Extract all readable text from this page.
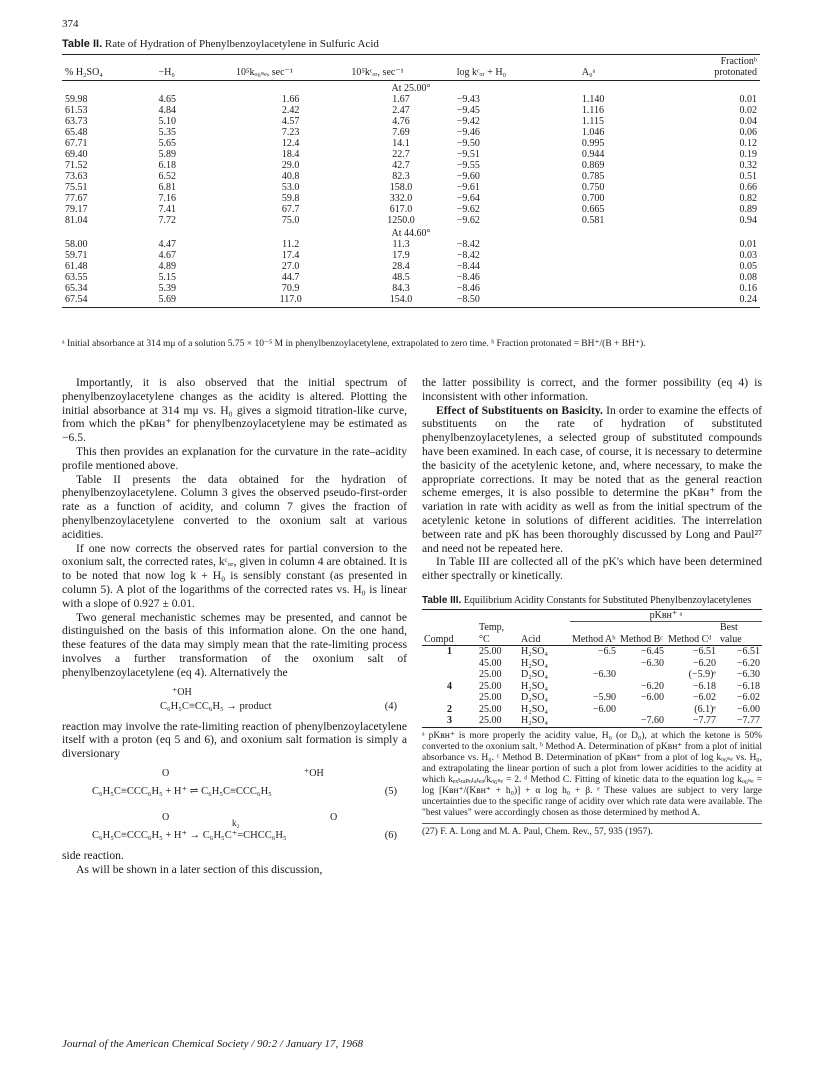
374
Table II. Rate of Hydration of Phenylbenzoylacetylene in Sulfuric Acid
% H₂SO₄	−H₀	10⁵kₒ₆ₛₑ, sec⁻¹	10⁵kᶜₒᵣ, sec⁻¹	log kᶜₒᵣ + H₀	A₀ᵃ	Fractionᵇ protonated
At 25.00°						
59.98	4.65	1.66	1.67	−9.43	1.140	0.01
61.53	4.84	2.42	2.47	−9.45	1.116	0.02
63.73	5.10	4.57	4.76	−9.42	1.115	0.04
65.48	5.35	7.23	7.69	−9.46	1.046	0.06
67.71	5.65	12.4	14.1	−9.50	0.995	0.12
69.40	5.89	18.4	22.7	−9.51	0.944	0.19
71.52	6.18	29.0	42.7	−9.55	0.869	0.32
73.63	6.52	40.8	82.3	−9.60	0.785	0.51
75.51	6.81	53.0	158.0	−9.61	0.750	0.66
77.67	7.16	59.8	332.0	−9.64	0.700	0.82
79.17	7.41	67.7	617.0	−9.62	0.665	0.89
81.04	7.72	75.0	1250.0	−9.62	0.581	0.94
At 44.60°						
58.00	4.47	11.2	11.3	−8.42		0.01
59.71	4.67	17.4	17.9	−8.42		0.03
61.48	4.89	27.0	28.4	−8.44		0.05
63.55	5.15	44.7	48.5	−8.46		0.08
65.34	5.39	70.9	84.3	−8.46		0.16
67.54	5.69	117.0	154.0	−8.50		0.24
ᵃ Initial absorbance at 314 mμ of a solution 5.75 × 10⁻⁵ M in phenylbenzoylacetylene, extrapolated to zero time. ᵇ Fraction protonated = BH⁺/(B + BH⁺).

Importantly, it is also observed that the initial spectrum of phenylbenzoylacetylene changes as the acidity is altered. Plotting the initial absorbance at 314 mμ vs. H₀ gives a sigmoid titration-like curve, from which the pKʙʜ⁺ for phenylbenzoylacetylene may be estimated as −6.5.

This then provides an explanation for the curvature in the rate–acidity profile mentioned above.

Table II presents the data obtained for the hydration of phenylbenzoylacetylene. Column 3 gives the observed pseudo-first-order rate as a function of acidity, and column 7 gives the fraction of phenylbenzoylacetylene converted to the oxonium salt at various acidities.

If one now corrects the observed rates for partial conversion to the oxonium salt, the corrected rates, kᶜₒᵣ, given in column 4 are obtained. It is to be noted that now log k + H₀ is sensibly constant (as presented in column 5). A plot of the logarithms of the corrected rates vs. H₀ is linear with a slope of 0.927 ± 0.01.

Two general mechanistic schemes may be presented, and cannot be distinguished on the basis of this information alone. On the one hand, these features of the data may simply mean that the rate-limiting process involves a further transformation of the oxonium salt of phenylbenzoylacetylene (eq 4). Alternatively the

⁺OH
C₆H₅C≡CC₆H₅ → product	(4)

reaction may involve the rate-limiting reaction of phenylbenzoylacetylene itself with a proton (eq 5 and 6), and oxonium salt formation is simply a diversionary

O	⁺OH
C₆H₅C≡CCC₆H₅ + H⁺ ⇌ C₆H₅C≡CCC₆H₅	(5)
O	k₂	O
C₆H₅C≡CCC₆H₅ + H⁺ → C₆H₅C⁺=CHCC₆H₅	(6)

side reaction.

As will be shown in a later section of this discussion,

the latter possibility is correct, and the former possibility (eq 4) is inconsistent with other information.

Effect of Substituents on Basicity. In order to examine the effects of substituents on the rate of hydration of substituted phenylbenzoylacetylenes, a selected group of substituted compounds have been examined. In each case, of course, it is necessary to determine the basicity of the acetylenic ketone, and, where necessary, to make the appropriate corrections. It may be noted that as the general reaction scheme emerges, it is also possible to determine the pKʙʜ⁺ from the variation in rate with acidity as well as from the initial spectrum of the acetylenic ketone in solutions of different acidities. The interrelation between rate and pK has been thoroughly discussed by Long and Paul²⁷ and need not be repeated here.

In Table III are collected all of the pK's which have been determined either spectrally or kinetically.

Table III. Equilibrium Acidity Constants for Substituted Phenylbenzoylacetylenes
			pKʙʜ⁺ ᵃ			
Compd	Temp, °C	Acid	Method Aᵇ	Method Bᶜ	Method Cᵈ	Best value
1	25.00	H₂SO₄	−6.5	−6.45	−6.51	−6.51
	45.00	H₂SO₄		−6.30	−6.20	−6.20
	25.00	D₂SO₄	−6.30		(−5.9)ᵉ	−6.30
4	25.00	H₂SO₄		−6.20	−6.18	−6.18
	25.00	D₂SO₄	−5.90	−6.00	−6.02	−6.02
2	25.00	H₂SO₄	−6.00		(6.1)ᵉ	−6.00
3	25.00	H₂SO₄		−7.60	−7.77	−7.77
ᵃ pKʙʜ⁺ is more properly the acidity value, H₀ (or D₀), at which the ketone is 50% converted to the oxonium salt. ᵇ Method A. Determination of pKʙʜ⁺ from a plot of initial absorbance vs. H₀. ᶜ Method B. Determination of pKʙʜ⁺ from a plot of log kₒ₆ₛₑ vs. H₀, and extrapolating the linear portion of such a plot from lower acidities to the acidity at which kₑₓₜᵣₐₚₒₗₐₜₑₔ/kₒ₆ₛₑ = 2. ᵈ Method C. Fitting of kinetic data to the equation log kₒ₆ₛₑ = log [Kʙʜ⁺/(Kʙʜ⁺ + h₀)] + α log h₀ + β. ᵉ These values are subject to very large uncertainties due to the specific range of acidity over which rate data were available. The "best values" were accordingly chosen as those determined by method A.
(27) F. A. Long and M. A. Paul, Chem. Rev., 57, 935 (1957).
Journal of the American Chemical Society / 90:2 / January 17, 1968
